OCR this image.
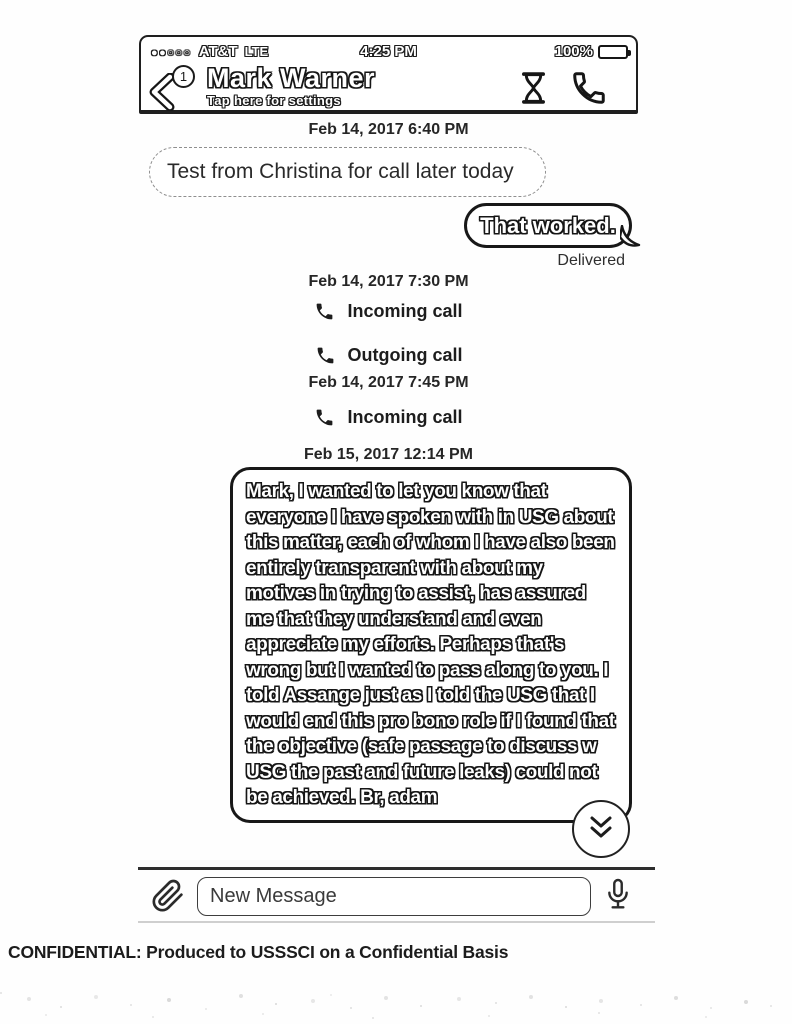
●●○○○ AT&T LTE	4:25 PM	100%
1 Mark Warner
Tap here for settings
Feb 14, 2017 6:40 PM
Test from Christina for call later today
That worked.
Delivered
Feb 14, 2017 7:30 PM
Incoming call
Outgoing call
Feb 14, 2017 7:45 PM
Incoming call
Feb 15, 2017 12:14 PM
Mark, I wanted to let you know that everyone I have spoken with in USG about this matter, each of whom I have also been entirely transparent with about my motives in trying to assist, has assured me that they understand and even appreciate my efforts. Perhaps that's wrong but I wanted to pass along to you. I told Assange just as I told the USG that I would end this pro bono role if I found that the objective (safe passage to discuss w USG the past and future leaks) could not be achieved. Br, adam
New Message
CONFIDENTIAL: Produced to USSSCI on a Confidential Basis
